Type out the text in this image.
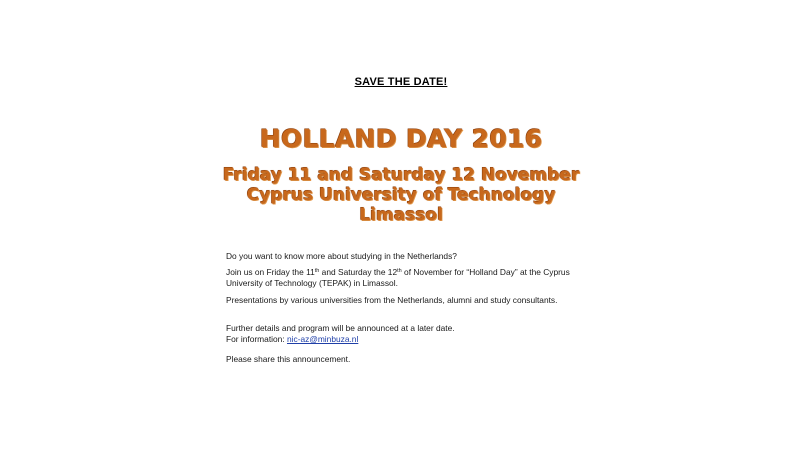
SAVE THE DATE!
HOLLAND DAY 2016
Friday 11 and Saturday 12 November
Cyprus University of Technology
Limassol
Do you want to know more about studying in the Netherlands?
Join us on Friday the 11th and Saturday the 12th of November for “Holland Day” at the Cyprus University of Technology (TEPAK) in Limassol.
Presentations by various universities from the Netherlands, alumni and study consultants.
Further details and program will be announced at a later date.
For information: nic-az@minbuza.nl
Please share this announcement.
